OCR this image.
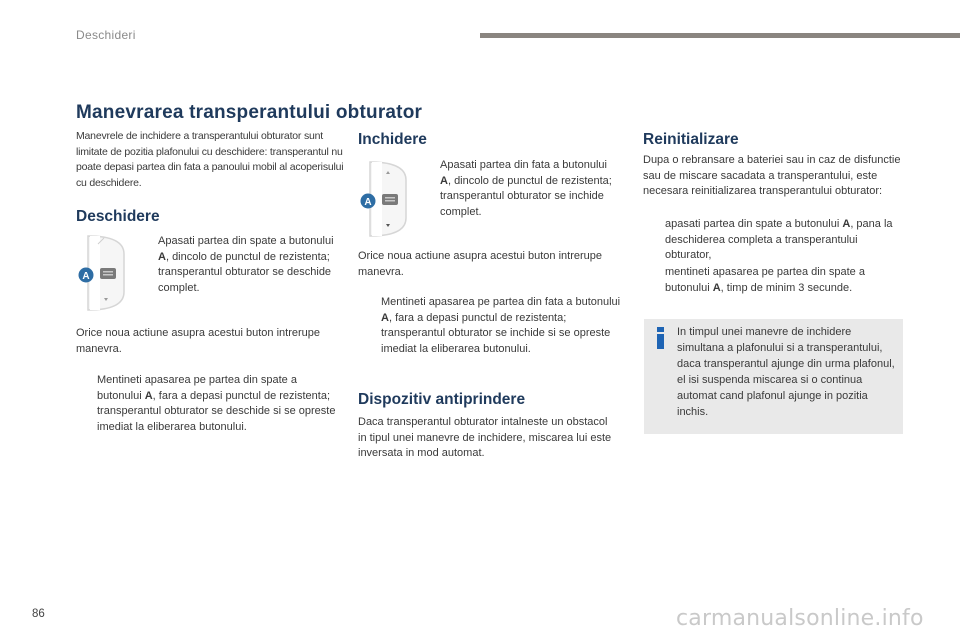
Deschideri
Manevrarea transperantului obturator

Manevrele de inchidere a transperantului obturator sunt limitate de pozitia plafonului cu deschidere: transperantul nu poate depasi partea din fata a panoului mobil al acoperisului cu deschidere.

Deschidere
A

Apasati partea din spate a butonului A, dincolo de punctul de rezistenta; transperantul obturator se deschide complet.

Orice noua actiune asupra acestui buton intrerupe manevra.

Mentineti apasarea pe partea din spate a butonului A, fara a depasi punctul de rezistenta; transperantul obturator se deschide si se opreste imediat la eliberarea butonului.

Inchidere
A

Apasati partea din fata a butonului A, dincolo de punctul de rezistenta; transperantul obturator se inchide complet.

Orice noua actiune asupra acestui buton intrerupe manevra.

Mentineti apasarea pe partea din fata a butonului A, fara a depasi punctul de rezistenta; transperantul obturator se inchide si se opreste imediat la eliberarea butonului.

Dispozitiv antiprindere

Daca transperantul obturator intalneste un obstacol in tipul unei manevre de inchidere, miscarea lui este inversata in mod automat.

Reinitializare

Dupa o rebransare a bateriei sau in caz de disfunctie sau de miscare sacadata a transperantului, este necesara reinitializarea transperantului obturator:

apasati partea din spate a butonului A, pana la deschiderea completa a transperantului obturator,

mentineti apasarea pe partea din spate a butonului A, timp de minim 3 secunde.

In timpul unei manevre de inchidere simultana a plafonului si a transperantului, daca transperantul ajunge din urma plafonul, el isi suspenda miscarea si o continua automat cand plafonul ajunge in pozitia inchis.
86	carmanualsonline.info
